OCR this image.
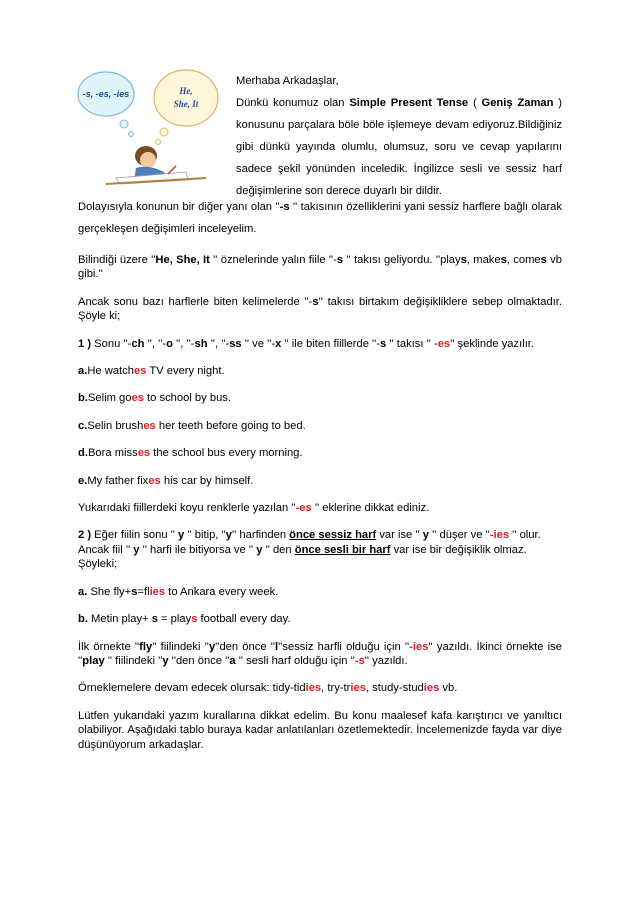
-s, -es, -ies	He,
She, It

Merhaba Arkadaşlar,

Dünkü konumuz olan Simple Present Tense ( Geniş Zaman ) konusunu parçalara böle böle işlemeye devam ediyoruz.Bildiğiniz gibi dünkü yayında olumlu, olumsuz, soru ve cevap yapılarını sadece şekil yönünden inceledik. İngilizce sesli ve sessiz harf değişimlerine son derece duyarlı bir dildir.

Dolayısıyla konunun bir diğer yanı olan ''-s '' takısının özelliklerini yani sessiz harflere bağlı olarak gerçekleşen değişimleri inceleyelim.

Bilindiği üzere ''He, She, It '' öznelerinde yalın fiile ''-s '' takısı geliyordu. ''plays, makes, comes vb gibi.''

Ancak sonu bazı harflerle biten kelimelerde ''-s'' takısı birtakım değişikliklere sebep olmaktadır. Şöyle ki;

1 ) Sonu ''-ch '', ''-o '', ''-sh '', ''-ss '' ve ''-x '' ile biten fiillerde ''-s '' takısı '' -es'' şeklinde yazılır.

a.He watches TV every night.

b.Selim goes to school by bus.

c.Selin brushes her teeth before going to bed.

d.Bora misses the school bus every morning.

e.My father fixes his car by himself.

Yukarıdaki fiillerdeki koyu renklerle yazılan ''-es '' eklerine dikkat ediniz.

2 ) Eğer fiilin sonu '' y '' bitip, ''y'' harfinden önce sessiz harf var ise '' y '' düşer ve ''-ies '' olur.

Ancak fiil '' y '' harfi ile bitiyorsa ve '' y '' den önce sesli bir harf var ise bir değişiklik olmaz.

Şöyleki;

a. She fly+s=flies to Ankara every week.

b. Metin play+ s = plays football every day.

İlk örnekte ''fly'' fiilindeki ''y''den önce ''l''sessiz harfli olduğu için ''-ies'' yazıldı. İkinci örnekte ise ''play '' fiilindeki ''y ''den önce ''a '' sesli harf olduğu için ''-s'' yazıldı.

Örneklemelere devam edecek olursak: tidy-tidies, try-tries, study-studies vb.

Lütfen yukarıdaki yazım kurallarına dikkat edelim. Bu konu maalesef kafa karıştırıcı ve yanıltıcı olabiliyor. Aşağıdaki tablo buraya kadar anlatılanları özetlemektedir. İncelemenizde fayda var diye düşünüyorum arkadaşlar.
